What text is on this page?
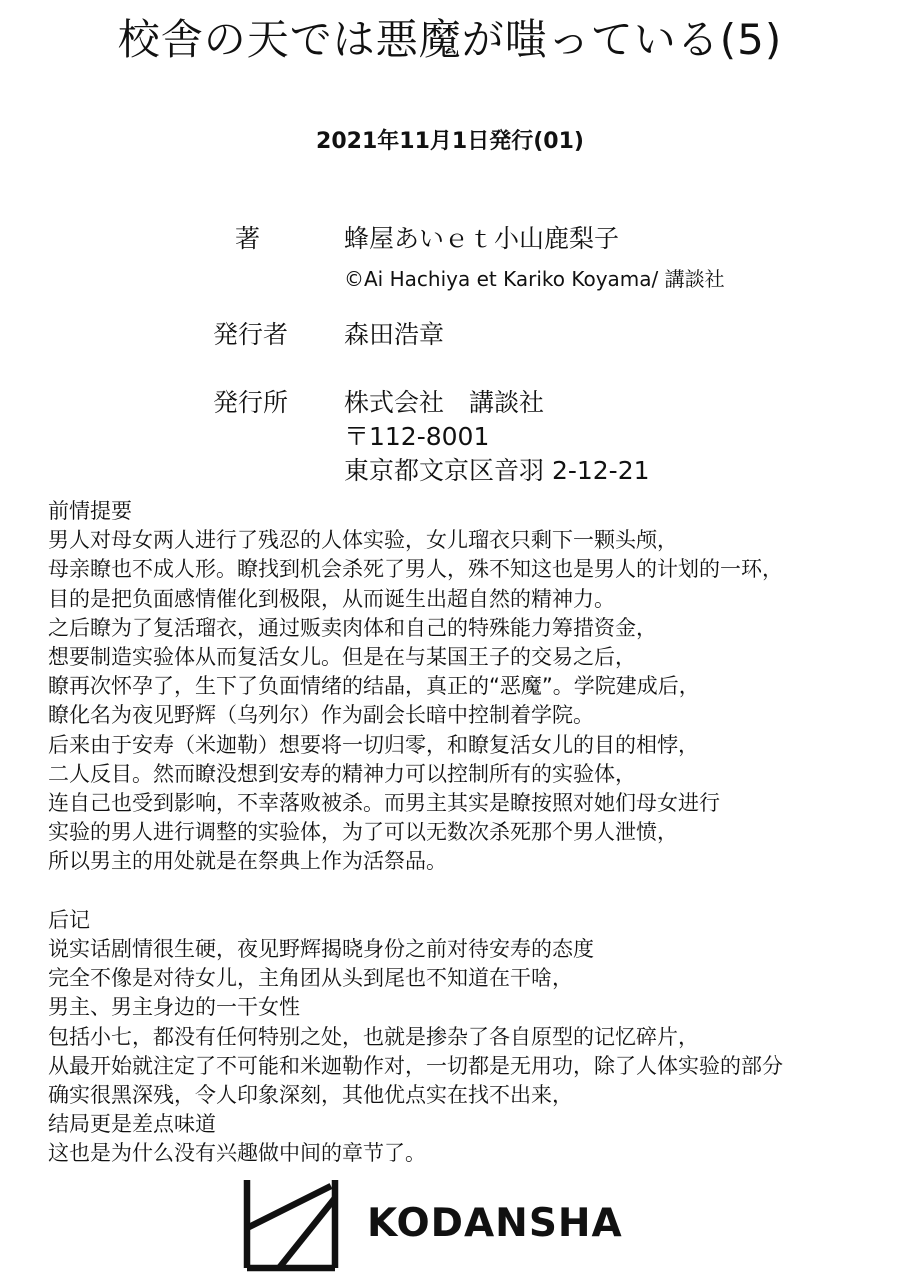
校舎の天では悪魔が嗤っている(5)
2021年11月1日発行(01)
著	蜂屋あいｅｔ小山鹿梨子
©Ai Hachiya et Kariko Koyama/ 講談社
発行者 森田浩章
発行所 株式会社　講談社
〒112-8001
東京都文京区音羽 2-12-21
前情提要
男人对母女两人进行了残忍的人体实验，女儿瑠衣只剩下一颗头颅，
母亲瞭也不成人形。瞭找到机会杀死了男人，殊不知这也是男人的计划的一环，
目的是把负面感情催化到极限，从而诞生出超自然的精神力。
之后瞭为了复活瑠衣，通过贩卖肉体和自己的特殊能力筹措资金，
想要制造实验体从而复活女儿。但是在与某国王子的交易之后，
瞭再次怀孕了，生下了负面情绪的结晶，真正的“恶魔”。学院建成后，
瞭化名为夜见野辉（乌列尔）作为副会长暗中控制着学院。
后来由于安寿（米迦勒）想要将一切归零，和瞭复活女儿的目的相悖，
二人反目。然而瞭没想到安寿的精神力可以控制所有的实验体，
连自己也受到影响，不幸落败被杀。而男主其实是瞭按照对她们母女进行
实验的男人进行调整的实验体，为了可以无数次杀死那个男人泄愤，
所以男主的用处就是在祭典上作为活祭品。
后记
说实话剧情很生硬，夜见野辉揭晓身份之前对待安寿的态度
完全不像是对待女儿，主角团从头到尾也不知道在干啥，
男主、男主身边的一干女性
包括小七，都没有任何特别之处，也就是掺杂了各自原型的记忆碎片，
从最开始就注定了不可能和米迦勒作对，一切都是无用功，除了人体实验的部分
确实很黑深残，令人印象深刻，其他优点实在找不出来，
结局更是差点味道
这也是为什么没有兴趣做中间的章节了。
KODANSHA
